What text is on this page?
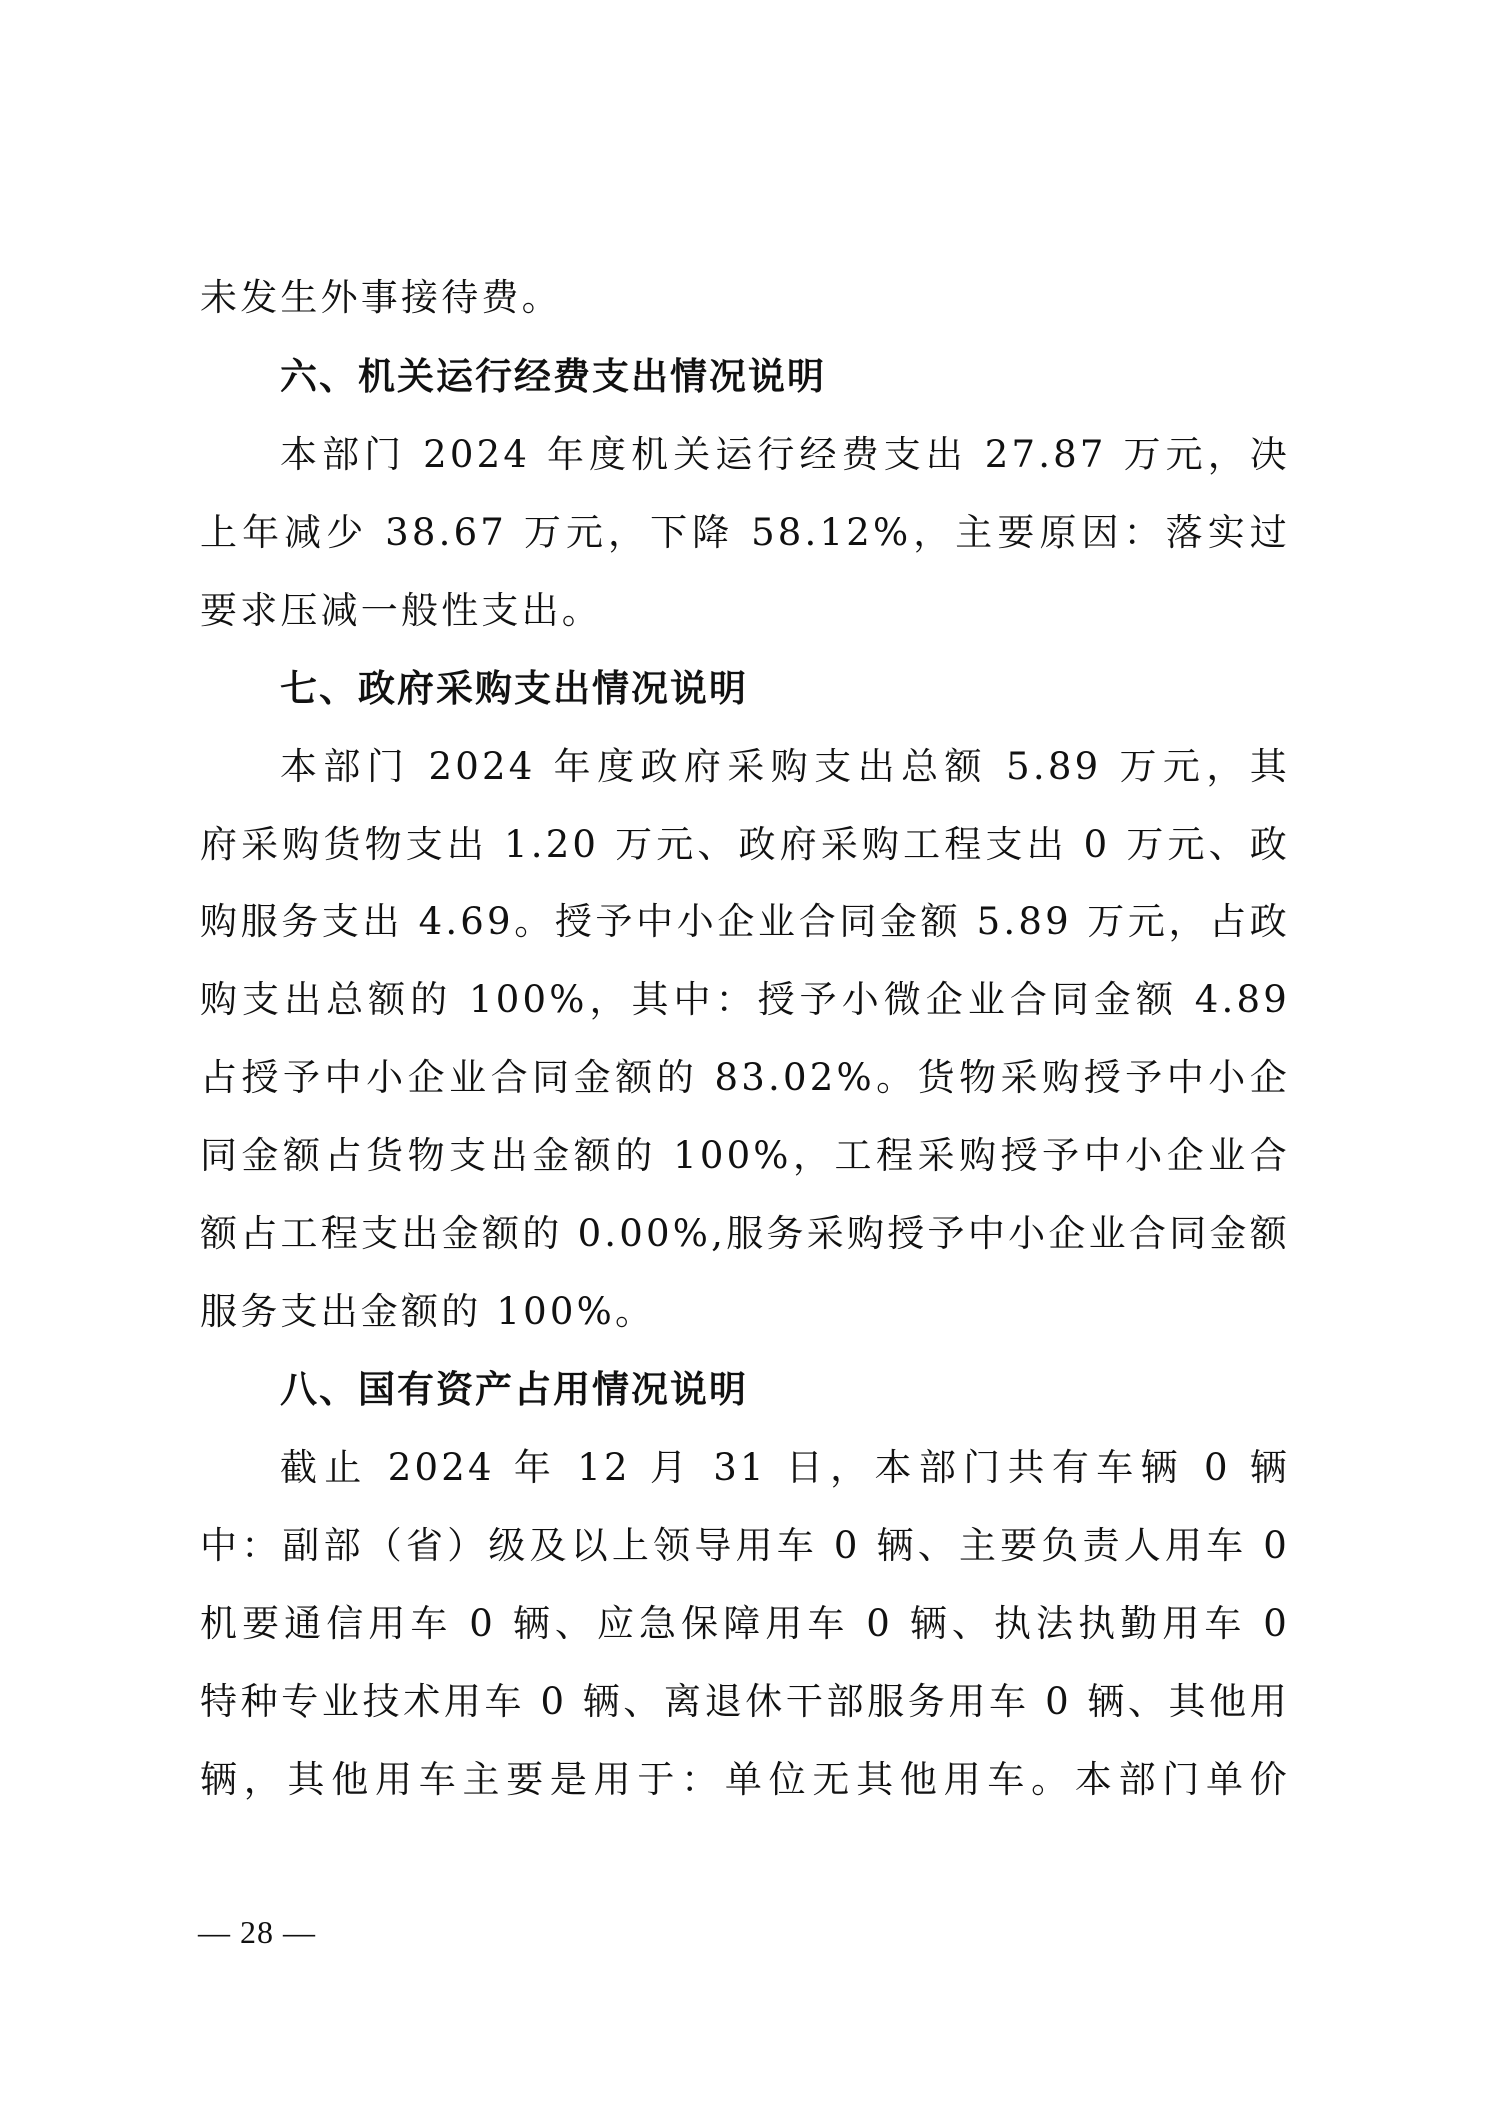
未发生外事接待费。
六、机关运行经费支出情况说明
本部门 2024 年度机关运行经费支出 27.87 万元，决
上年减少 38.67 万元，下降 58.12%，主要原因：落实过
要求压减一般性支出。
七、政府采购支出情况说明
本部门 2024 年度政府采购支出总额 5.89 万元，其
府采购货物支出 1.20 万元、政府采购工程支出 0 万元、政
购服务支出 4.69。授予中小企业合同金额 5.89 万元，占政
购支出总额的 100%，其中：授予小微企业合同金额 4.89
占授予中小企业合同金额的 83.02%。货物采购授予中小企
同金额占货物支出金额的 100%，工程采购授予中小企业合
额占工程支出金额的 0.00%,服务采购授予中小企业合同金额
服务支出金额的 100%。
八、国有资产占用情况说明
截止 2024 年 12 月 31 日，本部门共有车辆 0 辆
中：副部（省）级及以上领导用车 0 辆、主要负责人用车 0
机要通信用车 0 辆、应急保障用车 0 辆、执法执勤用车 0
特种专业技术用车 0 辆、离退休干部服务用车 0 辆、其他用
辆，其他用车主要是用于：单位无其他用车。本部门单价
— 28 —
